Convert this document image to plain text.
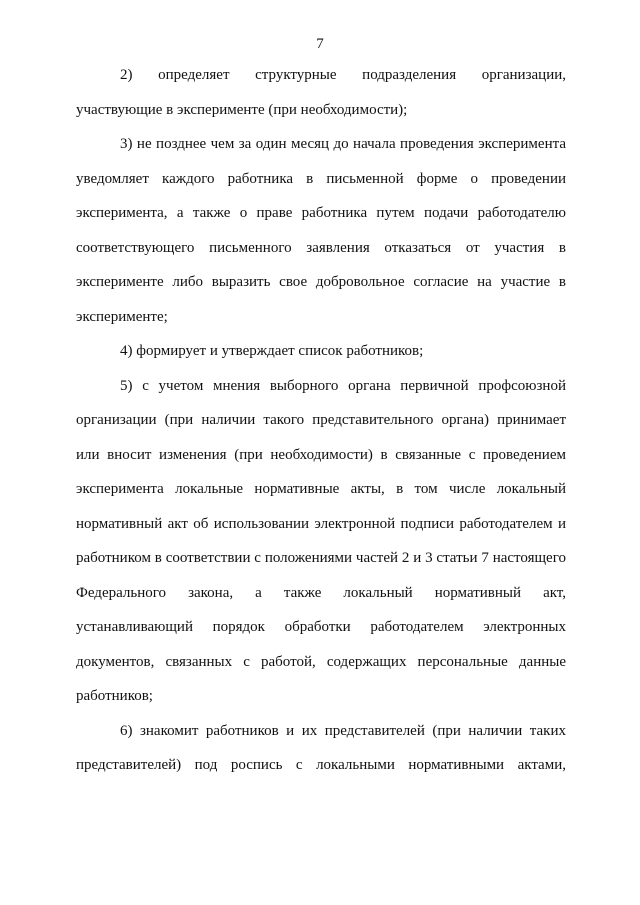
7

2) определяет структурные подразделения организации, участвующие в эксперименте (при необходимости);

3) не позднее чем за один месяц до начала проведения эксперимента уведомляет каждого работника в письменной форме о проведении эксперимента, а также о праве работника путем подачи работодателю соответствующего письменного заявления отказаться от участия в эксперименте либо выразить свое добровольное согласие на участие в эксперименте;

4) формирует и утверждает список работников;

5) с учетом мнения выборного органа первичной профсоюзной организации (при наличии такого представительного органа) принимает или вносит изменения (при необходимости) в связанные с проведением эксперимента локальные нормативные акты, в том числе локальный нормативный акт об использовании электронной подписи работодателем и работником в соответствии с положениями частей 2 и 3 статьи 7 настоящего Федерального закона, а также локальный нормативный акт, устанавливающий порядок обработки работодателем электронных документов, связанных с работой, содержащих персональные данные работников;

6) знакомит работников и их представителей (при наличии таких представителей) под роспись с локальными нормативными актами,
